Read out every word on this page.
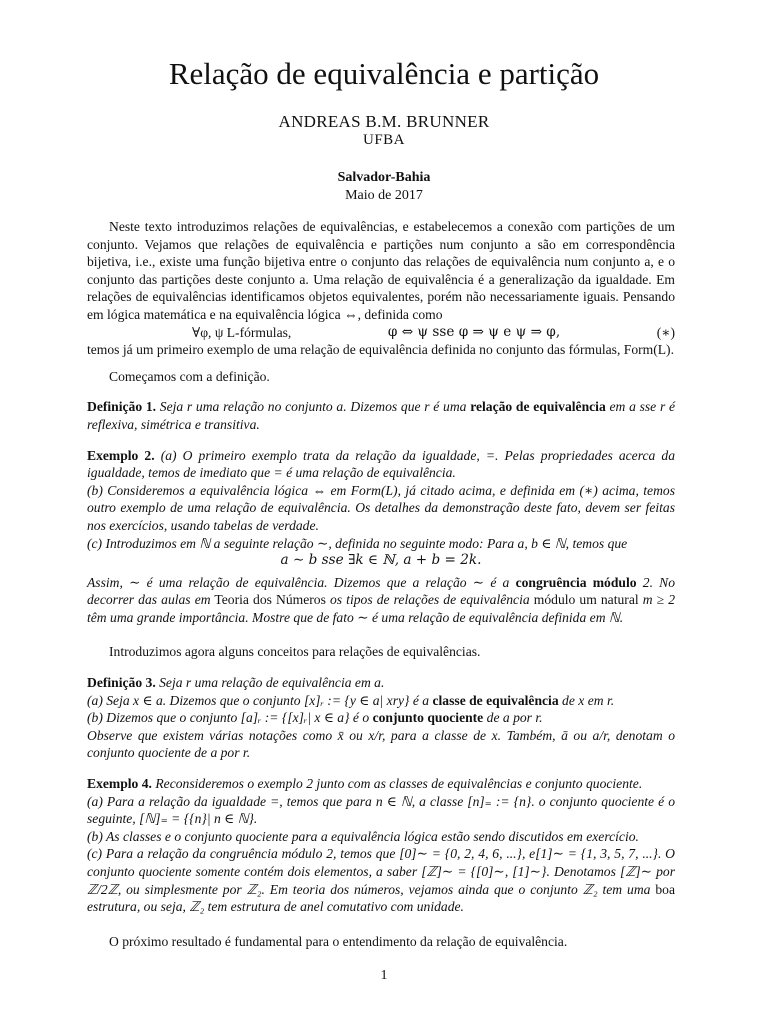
Relação de equivalência e partição
ANDREAS B.M. BRUNNER
UFBA
Salvador-Bahia
Maio de 2017

Neste texto introduzimos relações de equivalências, e estabelecemos a conexão com partições de um conjunto. Vejamos que relações de equivalência e partições num conjunto a são em correspondência bijetiva, i.e., existe uma função bijetiva entre o conjunto das relações de equivalência num conjunto a, e o conjunto das partições deste conjunto a. Uma relação de equivalência é a generalização da igualdade. Em relações de equivalências identificamos objetos equivalentes, porém não necessariamente iguais. Pensando em lógica matemática e na equivalência lógica ⇔, definida como

∀φ, ψ L-fórmulas,	φ ⇔ ψ sse φ ⇒ ψ e ψ ⇒ φ,	(∗)

temos já um primeiro exemplo de uma relação de equivalência definida no conjunto das fórmulas, Form(L).

Começamos com a definição.

Definição 1. Seja r uma relação no conjunto a. Dizemos que r é uma relação de equivalência em a sse r é reflexiva, simétrica e transitiva.

Exemplo 2. (a) O primeiro exemplo trata da relação da igualdade, =. Pelas propriedades acerca da igualdade, temos de imediato que = é uma relação de equivalência.

(b) Consideremos a equivalência lógica ⇔ em Form(L), já citado acima, e definida em (∗) acima, temos outro exemplo de uma relação de equivalência. Os detalhes da demonstração deste fato, devem ser feitas nos exercícios, usando tabelas de verdade.

(c) Introduzimos em ℕ a seguinte relação ∼, definida no seguinte modo: Para a, b ∈ ℕ, temos que

a ∼ b sse ∃k ∈ ℕ, a + b = 2k.

Assim, ∼ é uma relação de equivalência. Dizemos que a relação ∼ é a congruência módulo 2. No decorrer das aulas em Teoria dos Números os tipos de relações de equivalência módulo um natural m ≥ 2 têm uma grande importância. Mostre que de fato ∼ é uma relação de equivalência definida em ℕ.

Introduzimos agora alguns conceitos para relações de equivalências.

Definição 3. Seja r uma relação de equivalência em a.

(a) Seja x ∈ a. Dizemos que o conjunto [x]ᵣ := {y ∈ a| xry} é a classe de equivalência de x em r.

(b) Dizemos que o conjunto [a]ᵣ := {[x]ᵣ| x ∈ a} é o conjunto quociente de a por r.

Observe que existem várias notações como x̄ ou x/r, para a classe de x. Também, ā ou a/r, denotam o conjunto quociente de a por r.

Exemplo 4. Reconsideremos o exemplo 2 junto com as classes de equivalências e conjunto quociente.

(a) Para a relação da igualdade =, temos que para n ∈ ℕ, a classe [n]₌ := {n}. o conjunto quociente é o seguinte, [ℕ]₌ = {{n}| n ∈ ℕ}.

(b) As classes e o conjunto quociente para a equivalência lógica estão sendo discutidos em exercício.

(c) Para a relação da congruência módulo 2, temos que [0]∼ = {0, 2, 4, 6, ...}, e[1]∼ = {1, 3, 5, 7, ...}. O conjunto quociente somente contém dois elementos, a saber [ℤ]∼ = {[0]∼, [1]∼}. Denotamos [ℤ]∼ por ℤ/2ℤ, ou simplesmente por ℤ₂. Em teoria dos números, vejamos ainda que o conjunto ℤ₂ tem uma boa estrutura, ou seja, ℤ₂ tem estrutura de anel comutativo com unidade.

O próximo resultado é fundamental para o entendimento da relação de equivalência.

1
